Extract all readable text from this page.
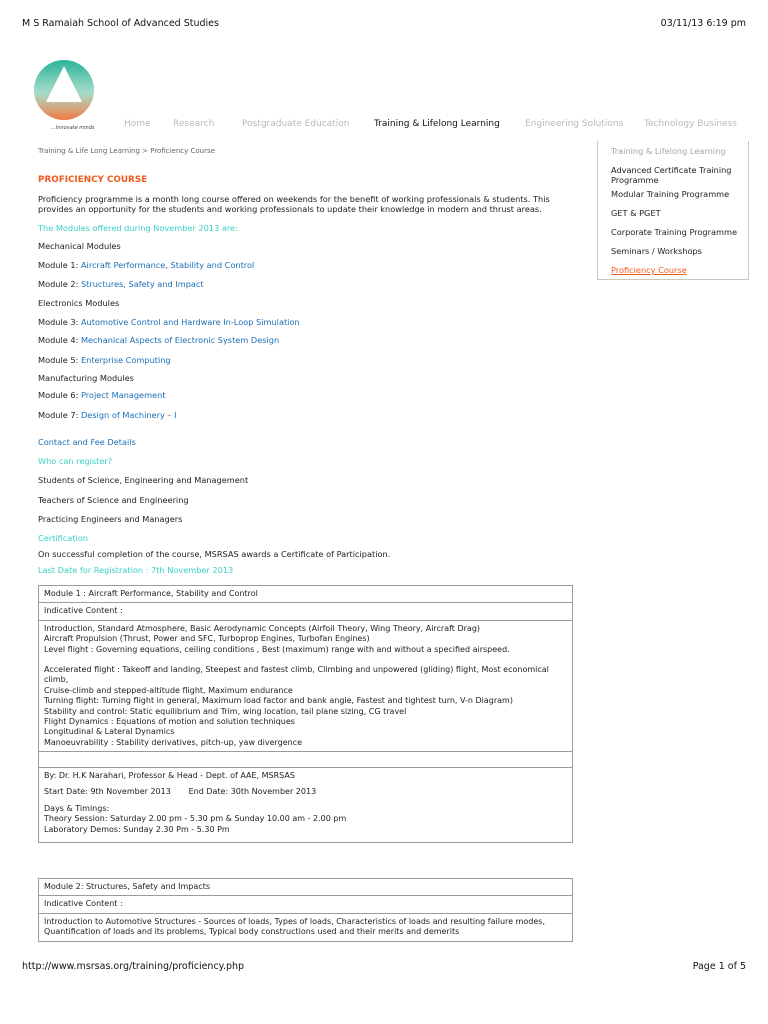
M S Ramaiah School of Advanced Studies	03/11/13 6:19 pm
...Innovate minds	Home Research	Postgraduate Education	Training & Lifelong Learning	Engineering Solutions Technology Business
Training & Life Long Learning > Proficiency Course	Training & Lifelong Learning
Advanced Certificate Training Programme
Modular Training Programme
GET & PGET
Corporate Training Programme
Seminars / Workshops
Proficiency Course
PROFICIENCY COURSE
Proficiency programme is a month long course offered on weekends for the benefit of working professionals & students. This provides an opportunity for the students and working professionals to update their knowledge in modern and thrust areas.
The Modules offered during November 2013 are:
Mechanical Modules
Module 1: Aircraft Performance, Stability and Control
Module 2: Structures, Safety and Impact
Electronics Modules
Module 3: Automotive Control and Hardware In-Loop Simulation
Module 4: Mechanical Aspects of Electronic System Design
Module 5: Enterprise Computing
Manufacturing Modules
Module 6: Project Management
Module 7: Design of Machinery – I
Contact and Fee Details
Who can register?
Students of Science, Engineering and Management
Teachers of Science and Engineering
Practicing Engineers and Managers
Certification
On successful completion of the course, MSRSAS awards a Certificate of Participation.
Last Date for Registration : 7th November 2013
Module 1 : Aircraft Performance, Stability and Control
Indicative Content :
Introduction, Standard Atmosphere, Basic Aerodynamic Concepts (Airfoil Theory, Wing Theory, Aircraft Drag)
Aircraft Propulsion (Thrust, Power and SFC, Turboprop Engines, Turbofan Engines)
Level flight : Governing equations, ceiling conditions , Best (maximum) range with and without a specified airspeed.
Accelerated flight : Takeoff and landing, Steepest and fastest climb, Climbing and unpowered (gliding) flight, Most economical climb,
Cruise-climb and stepped-altitude flight, Maximum endurance
Turning flight: Turning flight in general, Maximum load factor and bank angle, Fastest and tightest turn, V-n Diagram)
Stability and control: Static equilibrium and Trim, wing location, tail plane sizing, CG travel
Flight Dynamics : Equations of motion and solution techniques
Longitudinal & Lateral Dynamics
Manoeuvrability : Stability derivatives, pitch-up, yaw divergence
By: Dr. H.K Narahari, Professor & Head - Dept. of AAE, MSRSAS
Start Date: 9th November 2013       End Date: 30th November 2013
Days & Timings:
Theory Session: Saturday 2.00 pm - 5.30 pm & Sunday 10.00 am - 2.00 pm
Laboratory Demos: Sunday 2.30 Pm - 5.30 Pm
Module 2: Structures, Safety and Impacts
Indicative Content :
Introduction to Automotive Structures - Sources of loads, Types of loads, Characteristics of loads and resulting failure modes,
Quantification of loads and its problems, Typical body constructions used and their merits and demerits
http://www.msrsas.org/training/proficiency.php	Page 1 of 5
